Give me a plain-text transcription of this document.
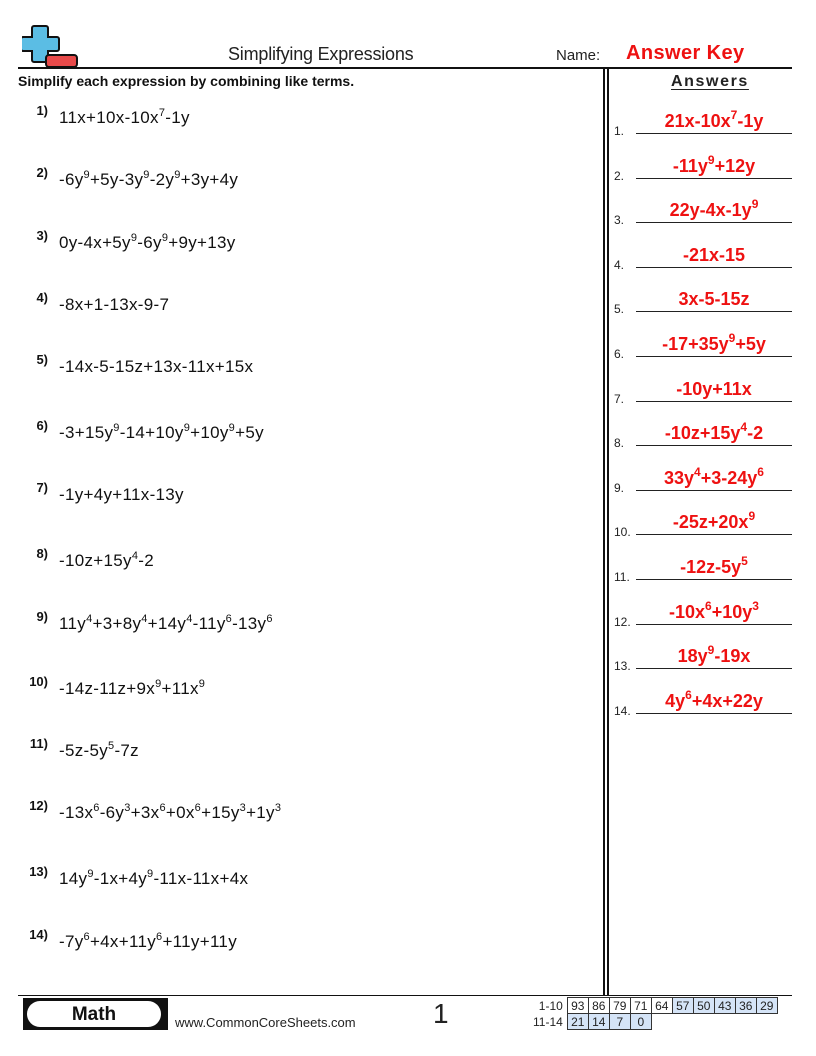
Simplifying Expressions	Name: Answer Key
Simplify each expression by combining like terms.	Answers
1) $11x+10x-10x^7-1y$
2) $-6y^9+5y-3y^9-2y^9+3y+4y$
3) $0y-4x+5y^9-6y^9+9y+13y$
4) -8x+1-13x-9-7
5) -14x-5-15z+13x-11x+15x
6) $-3+15y^9-14+10y^9+10y^9+5y$
7) -1y+4y+11x-13y
8) $-10z+15y^4-2$
9) $11y^4+3+8y^4+14y^4-11y^6-13y^6$
10) $-14z-11z+9x^9+11x^9$
11) $-5z-5y^5-7z$
12) $-13x^6-6y^3+3x^6+0x^6+15y^3+1y^3$
13) $14y^9-1x+4y^9-11x-11x+4x$
14) $-7y^6+4x+11y^6+11y+11y$
1.	$21x-10x^7-1y$
2.	$-11y^9+12y$
3.	$22y-4x-1y^9$
4.	-21x-15
5.	3x-5-15z
6.	$-17+35y^9+5y$
7.	-10y+11x
8.	$-10z+15y^4-2$
9.	$33y^4+3-24y^6$
10.	$-25z+20x^9$
11.	$-12z-5y^5$
12.	$-10x^6+10y^3$
13.	$18y^9-19x$
14.	$4y^6+4x+22y$
Math	www.CommonCoreSheets.com	1	1-10	93	86	79	71	64	57	50	43	36	29
11-14	21	14	7	0						
